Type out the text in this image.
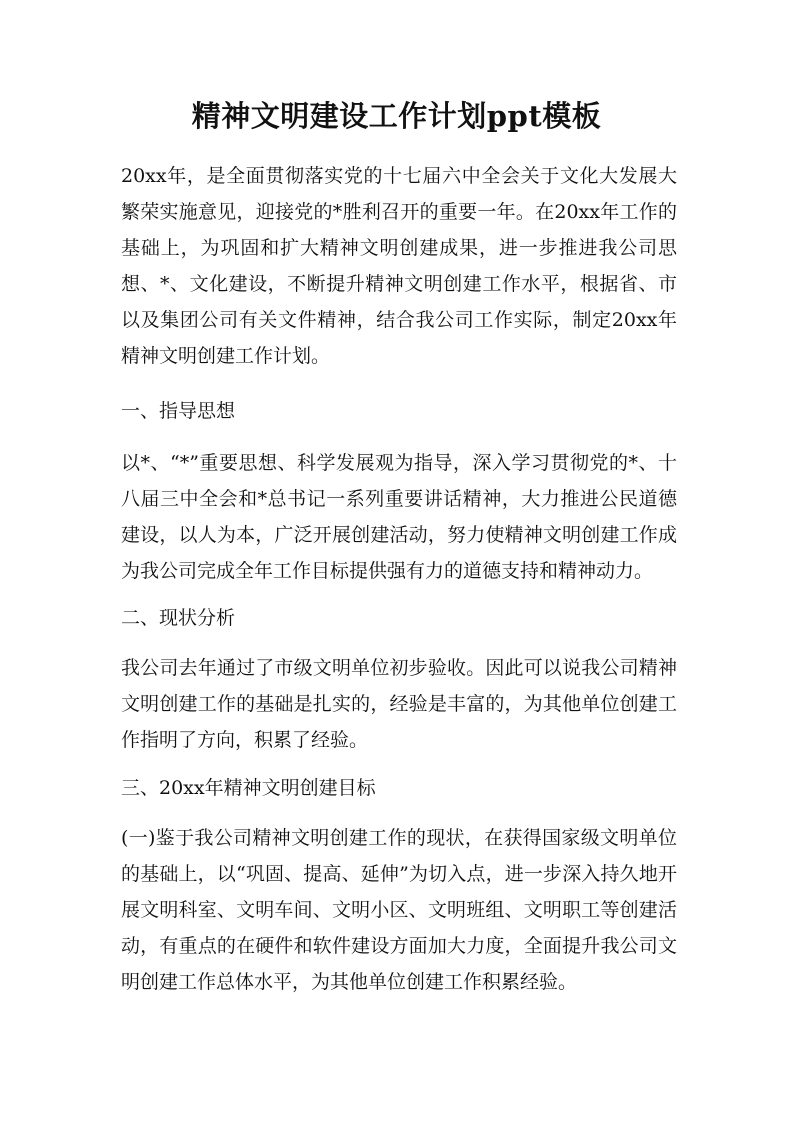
精神文明建设工作计划ppt模板
20xx年，是全面贯彻落实党的十七届六中全会关于文化大发展大繁荣实施意见，迎接党的*胜利召开的重要一年。在20xx年工作的基础上，为巩固和扩大精神文明创建成果，进一步推进我公司思想、*、文化建设，不断提升精神文明创建工作水平，根据省、市以及集团公司有关文件精神，结合我公司工作实际，制定20xx年精神文明创建工作计划。
一、指导思想
以*、“*”重要思想、科学发展观为指导，深入学习贯彻党的*、十八届三中全会和*总书记一系列重要讲话精神，大力推进公民道德建设，以人为本，广泛开展创建活动，努力使精神文明创建工作成为我公司完成全年工作目标提供强有力的道德支持和精神动力。
二、现状分析
我公司去年通过了市级文明单位初步验收。因此可以说我公司精神文明创建工作的基础是扎实的，经验是丰富的，为其他单位创建工作指明了方向，积累了经验。
三、20xx年精神文明创建目标
(一)鉴于我公司精神文明创建工作的现状，在获得国家级文明单位的基础上，以“巩固、提高、延伸”为切入点，进一步深入持久地开展文明科室、文明车间、文明小区、文明班组、文明职工等创建活动，有重点的在硬件和软件建设方面加大力度，全面提升我公司文明创建工作总体水平，为其他单位创建工作积累经验。
